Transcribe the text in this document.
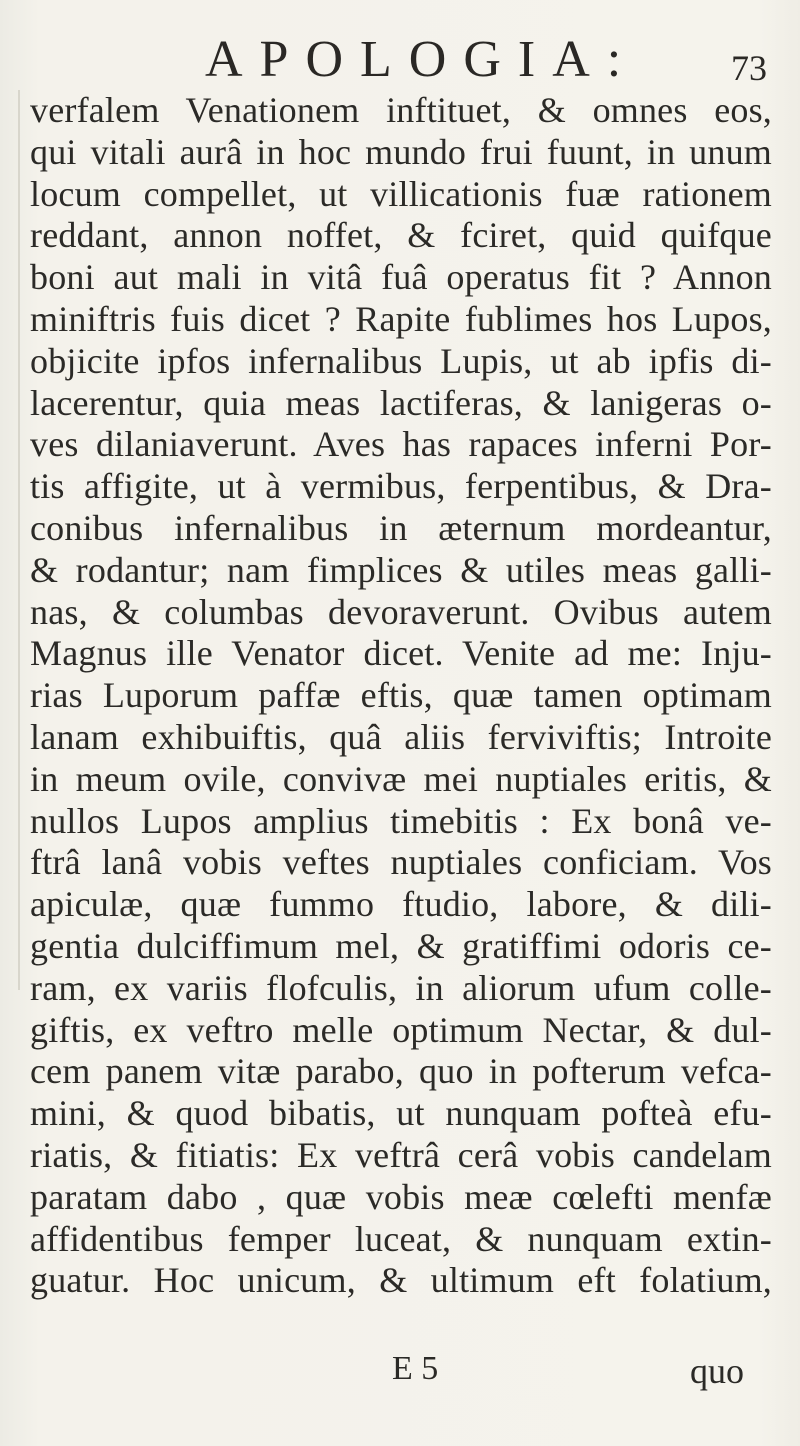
APOLOGIA:	73
verfalem Venationem inftituet, & omnes eos,
qui vitali aurâ in hoc mundo frui fuunt, in unum
locum compellet, ut villicationis fuæ rationem
reddant, annon noffet, & fciret, quid quifque
boni aut mali in vitâ fuâ operatus fit ? Annon
miniftris fuis dicet ? Rapite fublimes hos Lupos,
objicite ipfos infernalibus Lupis, ut ab ipfis di-
lacerentur, quia meas lactiferas, & lanigeras o-
ves dilaniaverunt. Aves has rapaces inferni Por-
tis affigite, ut à vermibus, ferpentibus, & Dra-
conibus infernalibus in æternum mordeantur,
& rodantur; nam fimplices & utiles meas galli-
nas, & columbas devoraverunt. Ovibus autem
Magnus ille Venator dicet. Venite ad me: Inju-
rias Luporum paffæ eftis, quæ tamen optimam
lanam exhibuiftis, quâ aliis ferviviftis; Introite
in meum ovile, convivæ mei nuptiales eritis, &
nullos Lupos amplius timebitis : Ex bonâ ve-
ftrâ lanâ vobis veftes nuptiales conficiam. Vos
apiculæ, quæ fummo ftudio, labore, & dili-
gentia dulciffimum mel, & gratiffimi odoris ce-
ram, ex variis flofculis, in aliorum ufum colle-
giftis, ex veftro melle optimum Nectar, & dul-
cem panem vitæ parabo, quo in pofterum vefca-
mini, & quod bibatis, ut nunquam pofteà efu-
riatis, & fitiatis: Ex veftrâ cerâ vobis candelam
paratam dabo , quæ vobis meæ cœlefti menfæ
affidentibus femper luceat, & nunquam extin-
guatur. Hoc unicum, & ultimum eft folatium,
E 5	quo
